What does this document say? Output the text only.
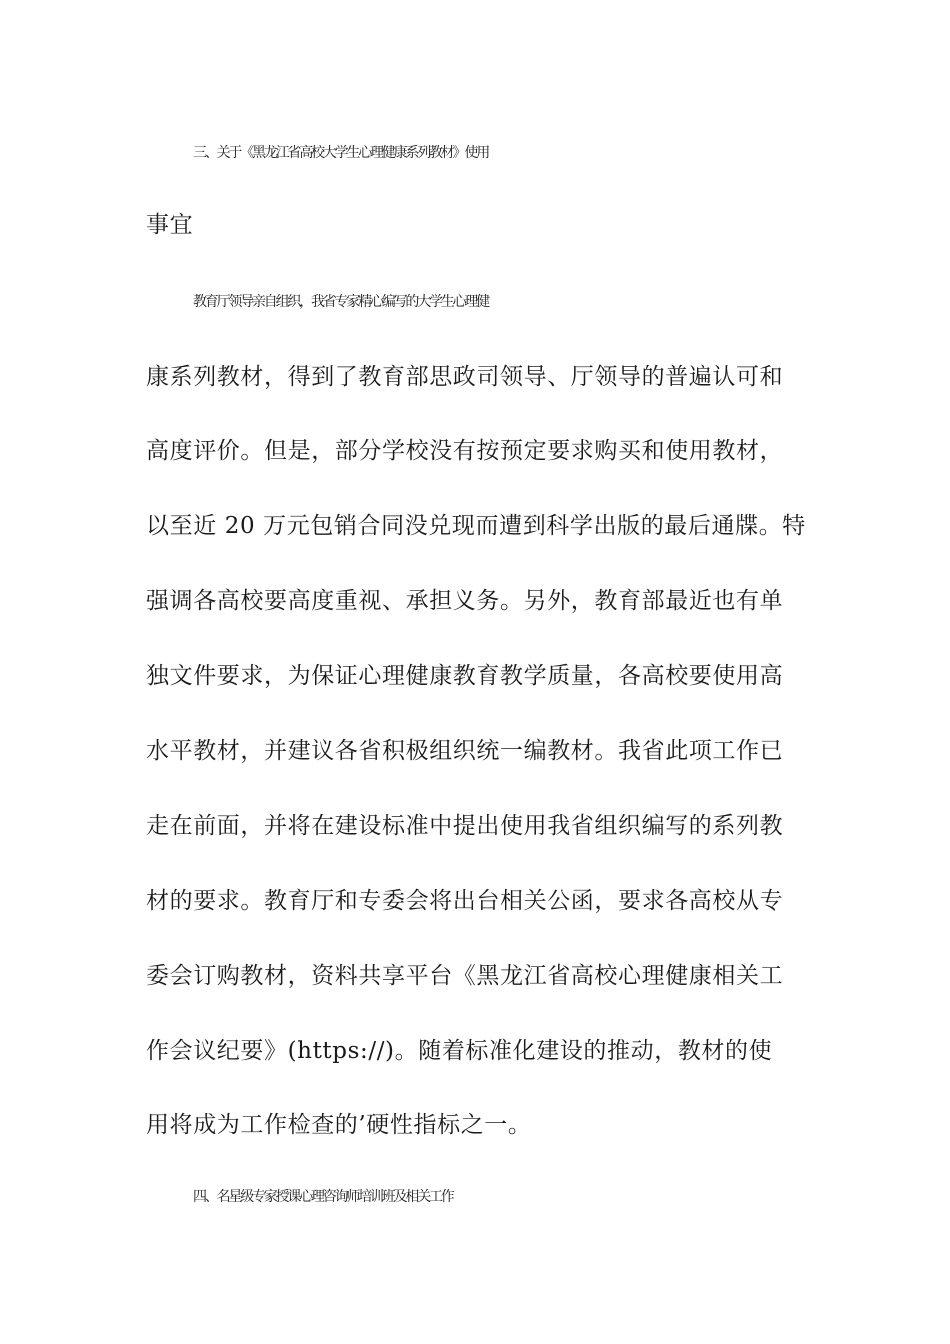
三、关于《黑龙江省高校大学生心理健康系列教材》使用
事宜
教育厅领导亲自组织，我省专家精心编写的大学生心理健
康系列教材，得到了教育部思政司领导、厅领导的普遍认可和
高度评价。但是，部分学校没有按预定要求购买和使用教材，
以至近 20 万元包销合同没兑现而遭到科学出版的最后通牒。特
强调各高校要高度重视、承担义务。另外，教育部最近也有单
独文件要求，为保证心理健康教育教学质量，各高校要使用高
水平教材，并建议各省积极组织统一编教材。我省此项工作已
走在前面，并将在建设标准中提出使用我省组织编写的系列教
材的要求。教育厅和专委会将出台相关公函，要求各高校从专
委会订购教材，资料共享平台《黑龙江省高校心理健康相关工
作会议纪要》(https://)。随着标准化建设的推动，教材的使
用将成为工作检查的’硬性指标之一。
四、名星级专家授课心理咨询师培训班及相关工作
